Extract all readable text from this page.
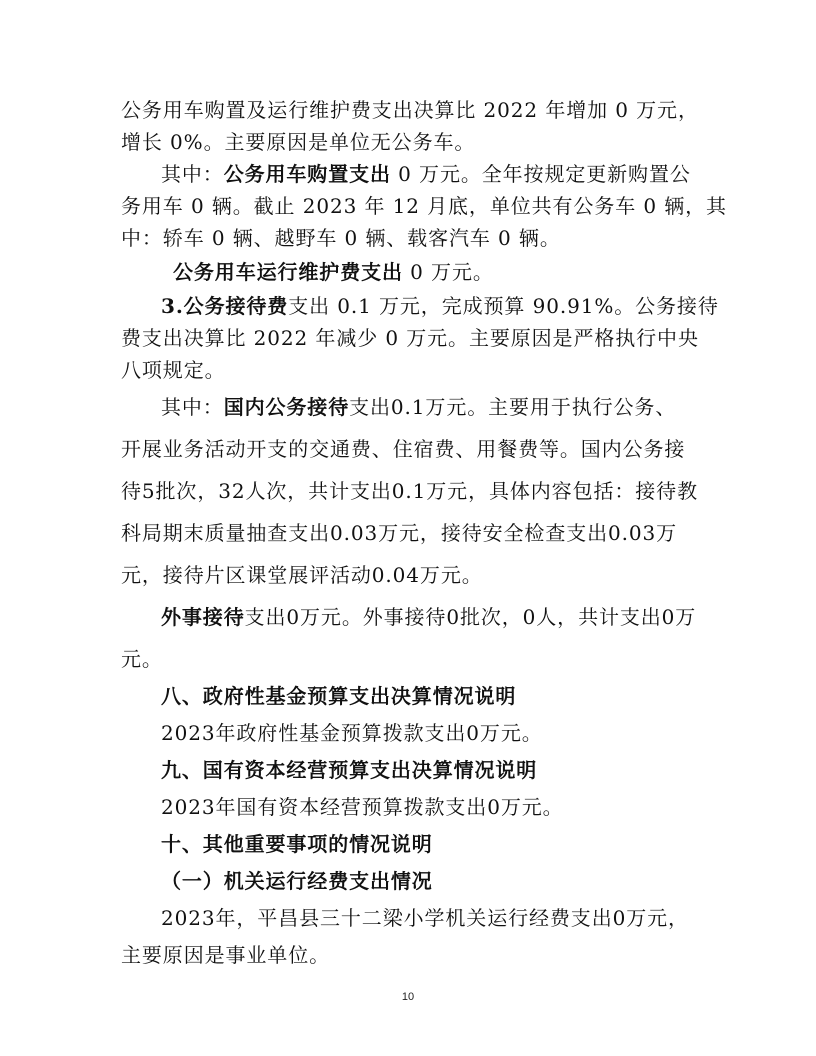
公务用车购置及运行维护费支出决算比 2022 年增加 0 万元，
增长 0%。主要原因是单位无公务车。
其中：公务用车购置支出 0 万元。全年按规定更新购置公
务用车 0 辆。截止 2023 年 12 月底，单位共有公务车 0 辆，其
中：轿车 0 辆、越野车 0 辆、载客汽车 0 辆。
公务用车运行维护费支出 0 万元。
3.公务接待费支出 0.1 万元，完成预算 90.91%。公务接待
费支出决算比 2022 年减少 0 万元。主要原因是严格执行中央
八项规定。
其中：国内公务接待支出0.1万元。主要用于执行公务、
开展业务活动开支的交通费、住宿费、用餐费等。国内公务接
待5批次，32人次，共计支出0.1万元，具体内容包括：接待教
科局期末质量抽查支出0.03万元，接待安全检查支出0.03万
元，接待片区课堂展评活动0.04万元。
外事接待支出0万元。外事接待0批次，0人，共计支出0万
元。
八、政府性基金预算支出决算情况说明
2023年政府性基金预算拨款支出0万元。
九、国有资本经营预算支出决算情况说明
2023年国有资本经营预算拨款支出0万元。
十、其他重要事项的情况说明
（一）机关运行经费支出情况
2023年，平昌县三十二梁小学机关运行经费支出0万元，
主要原因是事业单位。
10
